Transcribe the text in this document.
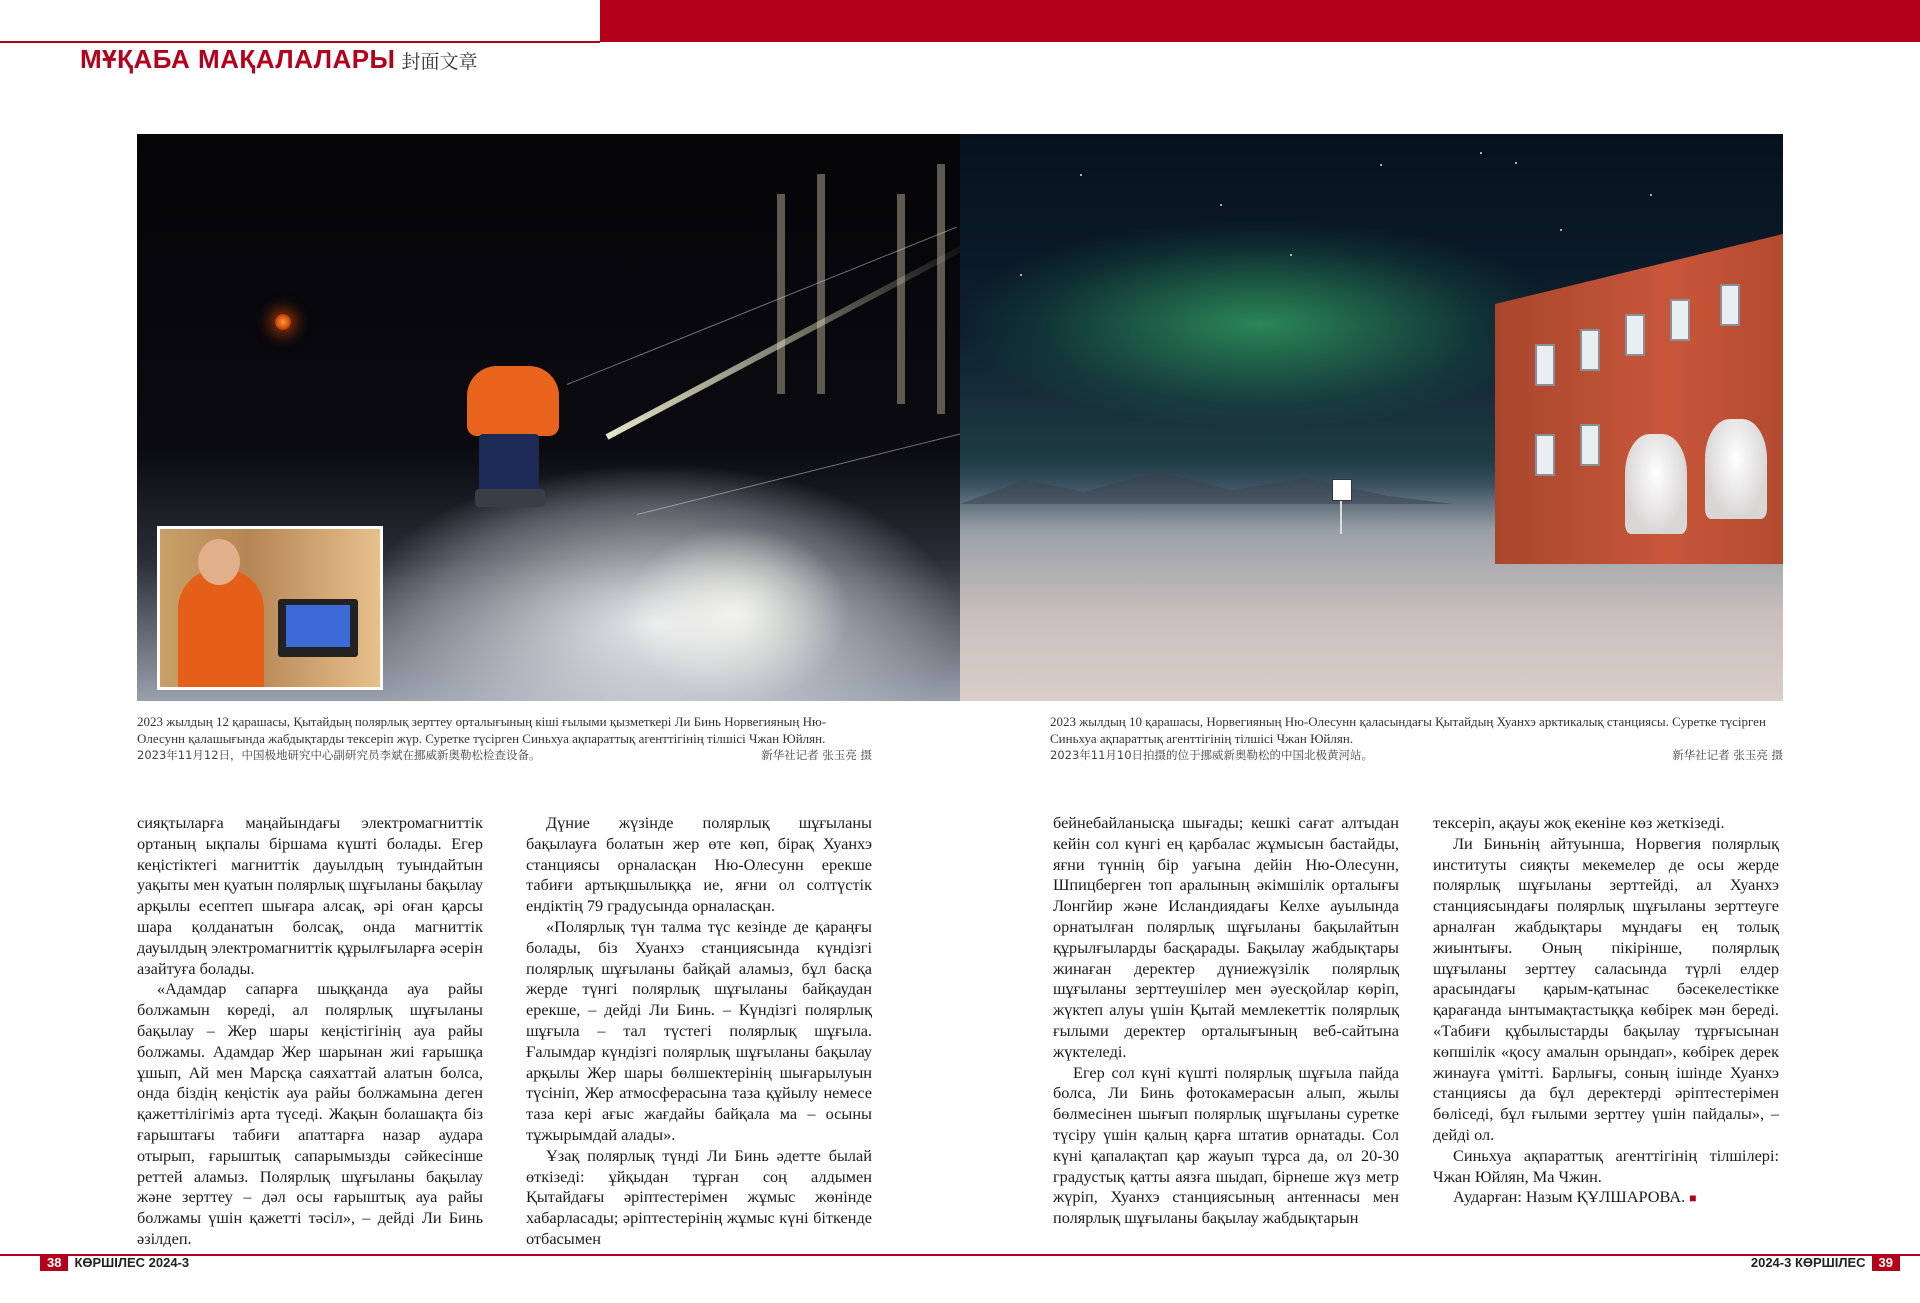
МҰҚАБА МАҚАЛАЛАРЫ 封面文章

2023 жылдың 12 қарашасы, Қытайдың полярлық зерттеу орталығының кіші ғылыми қызметкері Ли Бинь Норвегияның Ню-Олесунн қалашығында жабдықтарды тексеріп жүр. Суретке түсірген Синьхуа ақпараттық агенттігінің тілшісі Чжан Юйлян.

2023年11月12日，中国极地研究中心副研究员李斌在挪威新奥勒松检查设备。	新华社记者 张玉亮 摄

2023 жылдың 10 қарашасы, Норвегияның Ню-Олесунн қаласындағы Қытайдың Хуанхэ арктикалық станциясы. Суретке түсірген Синьхуа ақпараттық агенттігінің тілшісі Чжан Юйлян.

2023年11月10日拍摄的位于挪威新奥勒松的中国北极黄河站。	新华社记者 张玉亮 摄

сияқтыларға маңайындағы электромагниттік ортаның ықпалы біршама күшті болады. Егер кеңістіктегі магниттік дауылдың туындайтын уақыты мен қуатын полярлық шұғыланы бақылау арқылы есептеп шығара алсақ, әрі оған қарсы шара қолданатын болсақ, онда магниттік дауылдың электромагниттік құрылғыларға әсерін азайтуға болады.

«Адамдар сапарға шыққанда ауа райы болжамын көреді, ал полярлық шұғыланы бақылау – Жер шары кеңістігінің ауа райы болжамы. Адамдар Жер шарынан жиі ғарышқа ұшып, Ай мен Марсқа саяхаттай алатын болса, онда біздің кеңістік ауа райы болжамына деген қажеттілігіміз арта түседі. Жақын болашақта біз ғарыштағы табиғи апаттарға назар аудара отырып, ғарыштық сапарымызды сәйкесінше реттей аламыз. Полярлық шұғыланы бақылау және зерттеу – дәл осы ғарыштық ауа райы болжамы үшін қажетті тәсіл», – дейді Ли Бинь әзілдеп.

Дүние жүзінде полярлық шұғыланы бақылауға болатын жер өте көп, бірақ Хуанхэ станциясы орналасқан Ню-Олесунн ерекше табиғи артықшылыққа ие, яғни ол солтүстік ендіктің 79 градусында орналасқан.

«Полярлық түн талма түс кезінде де қараңғы болады, біз Хуанхэ станциясында күндізгі полярлық шұғыланы байқай аламыз, бұл басқа жерде түнгі полярлық шұғыланы байқаудан ерекше, – дейді Ли Бинь. – Күндізгі полярлық шұғыла – тал түстегі полярлық шұғыла. Ғалымдар күндізгі полярлық шұғыланы бақылау арқылы Жер шары бөлшектерінің шығарылуын түсініп, Жер атмосферасына таза құйылу немесе таза кері ағыс жағдайы байқала ма – осыны тұжырымдай алады».

Ұзақ полярлық түнді Ли Бинь әдетте былай өткізеді: ұйқыдан тұрған соң алдымен Қытайдағы әріптестерімен жұмыс жөнінде хабарласады; әріптестерінің жұмыс күні біткенде отбасымен

бейнебайланысқа шығады; кешкі сағат алтыдан кейін сол күнгі ең қарбалас жұмысын бастайды, яғни түннің бір уағына дейін Ню-Олесунн, Шпицберген топ аралының әкімшілік орталығы Лонгйир және Исландиядағы Келхе ауылында орнатылған полярлық шұғыланы бақылайтын құрылғыларды басқарады. Бақылау жабдықтары жинаған деректер дүниежүзілік полярлық шұғыланы зерттеушілер мен әуесқойлар көріп, жүктеп алуы үшін Қытай мемлекеттік полярлық ғылыми деректер орталығының веб-сайтына жүктеледі.

Егер сол күні күшті полярлық шұғыла пайда болса, Ли Бинь фотокамерасын алып, жылы бөлмесінен шығып полярлық шұғыланы суретке түсіру үшін қалың қарға штатив орнатады. Сол күні қапалақтап қар жауып тұрса да, ол 20-30 градустық қатты аязға шыдап, бірнеше жүз метр жүріп, Хуанхэ станциясының антеннасы мен полярлық шұғыланы бақылау жабдықтарын

тексеріп, ақауы жоқ екеніне көз жеткізеді.

Ли Биньнің айтуынша, Норвегия полярлық институты сияқты мекемелер де осы жерде полярлық шұғыланы зерттейді, ал Хуанхэ станциясындағы полярлық шұғыланы зерттеуге арналған жабдықтары мұндағы ең толық жиынтығы. Оның пікірінше, полярлық шұғыланы зерттеу саласында түрлі елдер арасындағы қарым-қатынас бәсекелестікке қарағанда ынтымақтастыққа көбірек мән береді. «Табиғи құбылыстарды бақылау тұрғысынан көпшілік «қосу амалын орындап», көбірек дерек жинауға үміттi. Барлығы, соның ішінде Хуанхэ станциясы да бұл деректерді әріптестерімен бөліседі, бұл ғылыми зерттеу үшін пайдалы», – дейді ол.

Синьхуа ақпараттық агенттігінің тілшілері: Чжан Юйлян, Ма Чжин.

Аударған: Назым ҚҰЛШАРОВА. ■

38	КӨРШІЛЕС 2024-3	2024-3 КӨРШІЛЕС	39
